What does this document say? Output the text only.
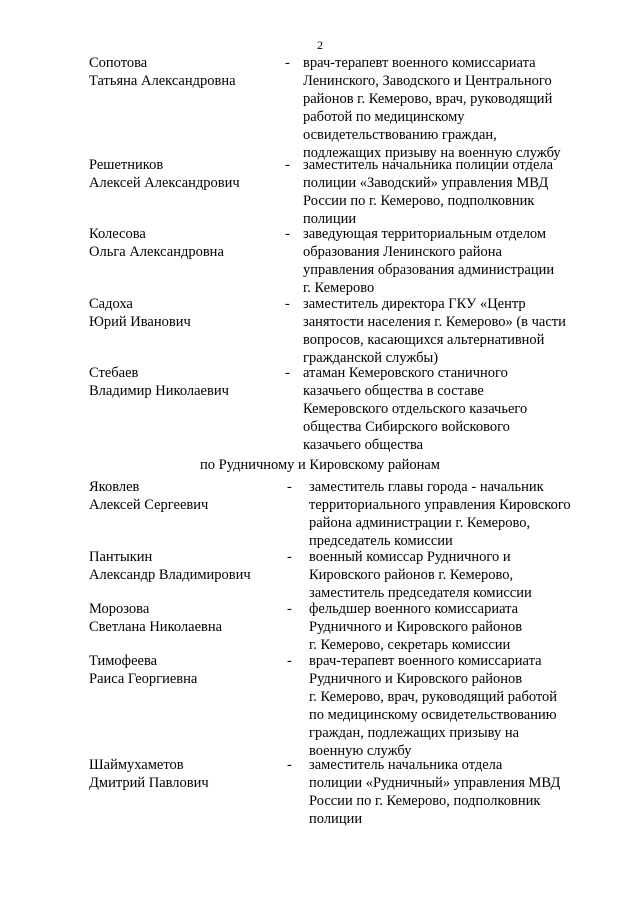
2
Сопотова
Татьяна Александровна
- врач-терапевт военного комиссариата
Ленинского, Заводского и Центрального
районов г. Кемерово, врач, руководящий
работой по медицинскому
освидетельствованию граждан,
подлежащих призыву на военную службу
Решетников
Алексей Александрович
- заместитель начальника полиции отдела
полиции «Заводский» управления МВД
России по г. Кемерово, подполковник
полиции
Колесова
Ольга Александровна
- заведующая территориальным отделом
образования Ленинского района
управления образования администрации
г. Кемерово
Садоха
Юрий Иванович
- заместитель директора ГКУ «Центр
занятости населения г. Кемерово» (в части
вопросов, касающихся альтернативной
гражданской службы)
Стебаев
Владимир Николаевич
- атаман Кемеровского станичного
казачьего общества в составе
Кемеровского отдельского казачьего
общества Сибирского войскового
казачьего общества
по Рудничному и Кировскому районам
Яковлев
Алексей Сергеевич
- заместитель главы города - начальник
территориального управления Кировского
района администрации г. Кемерово,
председатель комиссии
Пантыкин
Александр Владимирович
- военный комиссар Рудничного и
Кировского районов г. Кемерово,
заместитель председателя комиссии
Морозова
Светлана Николаевна
- фельдшер военного комиссариата
Рудничного и Кировского районов
г. Кемерово, секретарь комиссии
Тимофеева
Раиса Георгиевна
- врач-терапевт военного комиссариата
Рудничного и Кировского районов
г. Кемерово, врач, руководящий работой
по медицинскому освидетельствованию
граждан, подлежащих призыву на
военную службу
Шаймухаметов
Дмитрий Павлович
- заместитель начальника отдела
полиции «Рудничный» управления МВД
России по г. Кемерово, подполковник
полиции
